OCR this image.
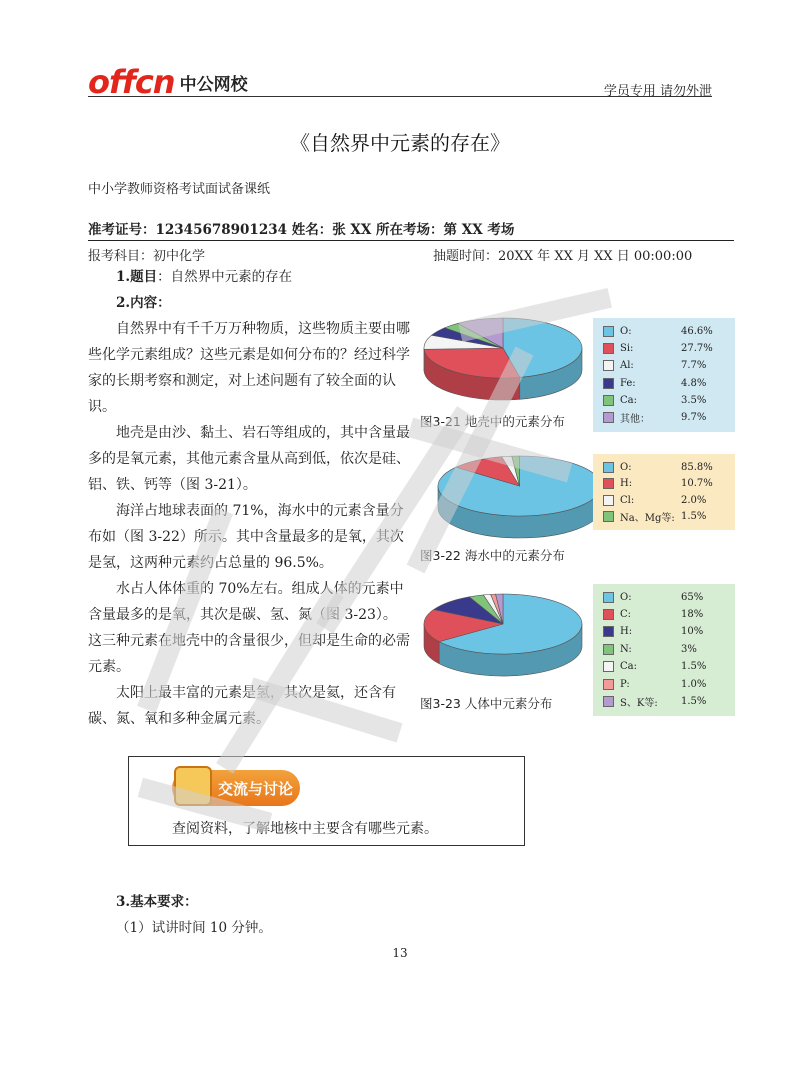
offcn 中公网校	学员专用 请勿外泄
《自然界中元素的存在》
中小学教师资格考试面试备课纸
准考证号：12345678901234 姓名：张 XX 所在考场：第 XX 考场
报考科目：初中化学	抽题时间：20XX 年 XX 月 XX 日 00:00:00
1.题目：自然界中元素的存在
2.内容：

自然界中有千千万万种物质，这些物质主要由哪些化学元素组成？这些元素是如何分布的？经过科学家的长期考察和测定，对上述问题有了较全面的认识。

地壳是由沙、黏土、岩石等组成的，其中含量最多的是氧元素，其他元素含量从高到低，依次是硅、铝、铁、钙等（图 3-21）。

海洋占地球表面的 71%，海水中的元素含量分布如（图 3-22）所示。其中含量最多的是氧，其次是氢，这两种元素约占总量的 96.5%。

水占人体体重的 70%左右。组成人体的元素中含量最多的是氧，其次是碳、氢、氮（图 3-23）。这三种元素在地壳中的含量很少，但却是生命的必需元素。

太阳上最丰富的元素是氢，其次是氦，还含有碳、氮、氧和多种金属元素。

图3-21 地壳中的元素分布
O:	46.6%
Si:	27.7%
Al:	7.7%
Fe:	4.8%
Ca:	3.5%
其他：	9.7%
图3-22 海水中的元素分布
O:	85.8%
H:	10.7%
Cl:	2.0%
Na、Mg等: 1.5%
图3-23 人体中元素分布
O:	65%
C:	18%
H:	10%
N:	3%
Ca:	1.5%
P:	1.0%
S、K等:	1.5%
交流与讨论
查阅资料，了解地核中主要含有哪些元素。
3.基本要求：
（1）试讲时间 10 分钟。
13
